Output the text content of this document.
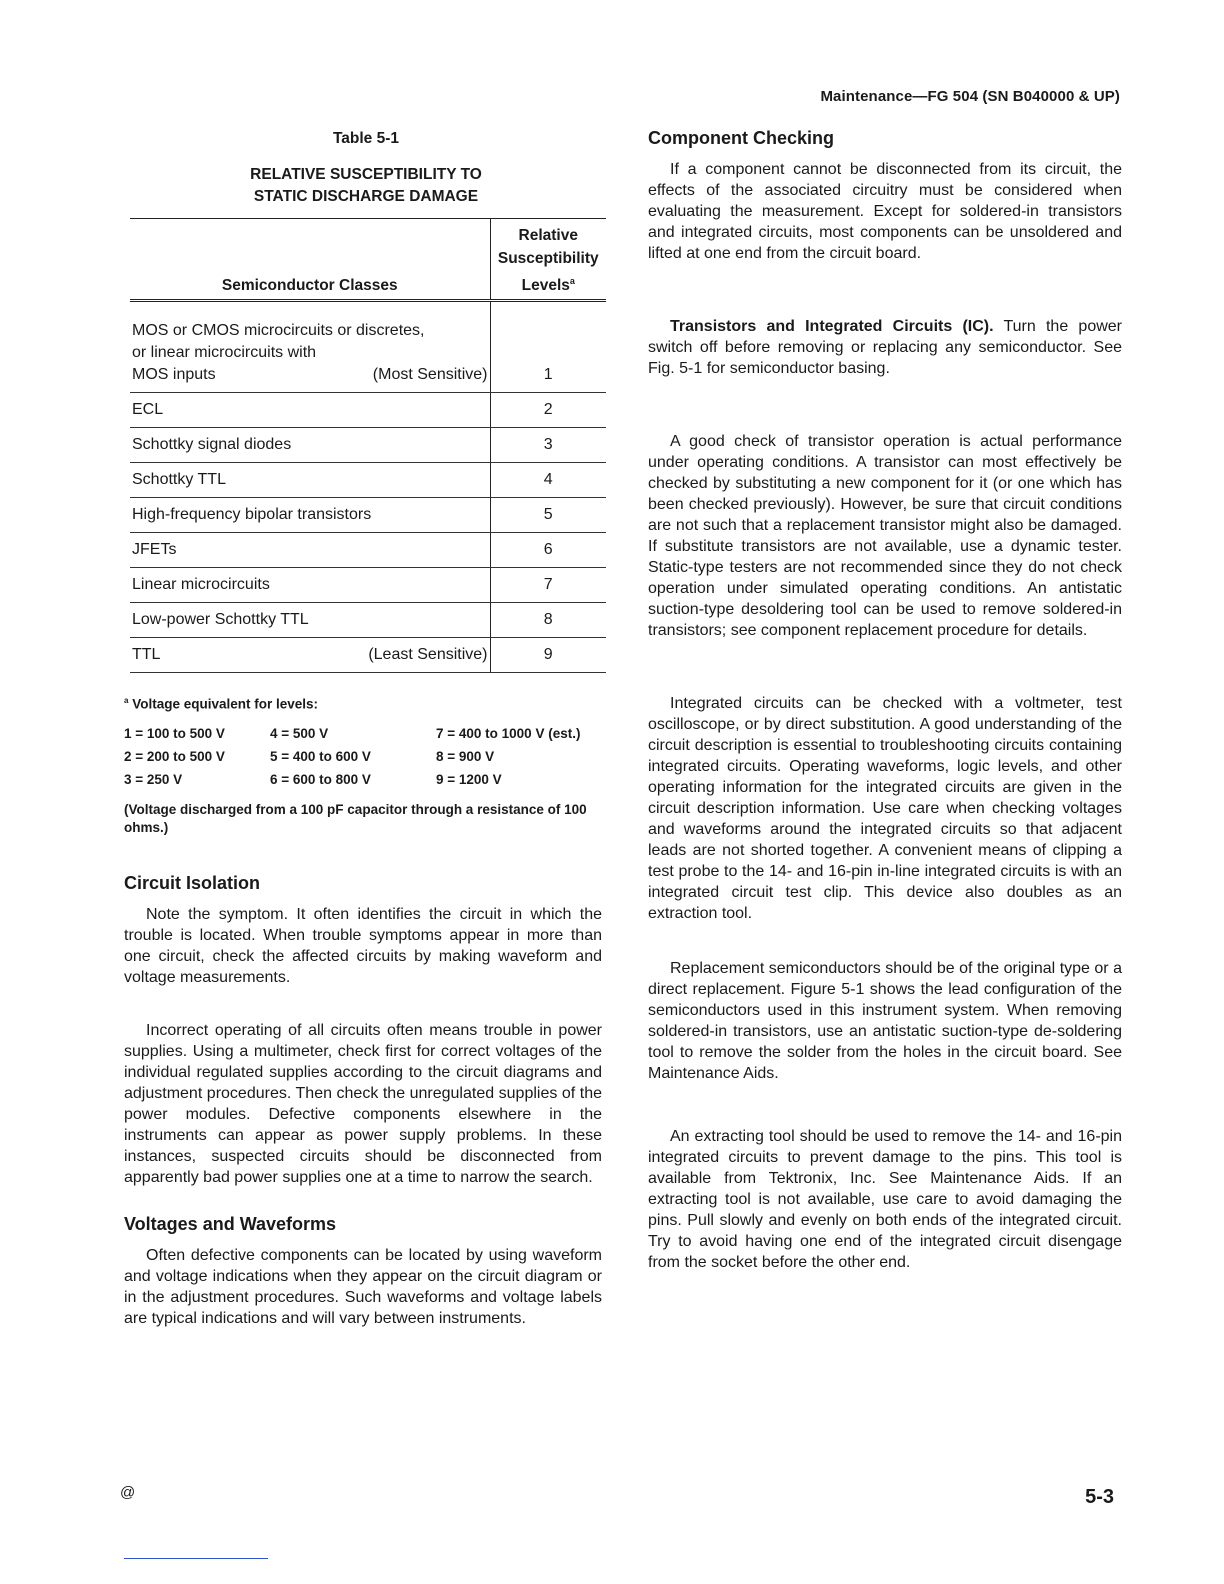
Maintenance—FG 504 (SN B040000 & UP)
Table 5-1
RELATIVE SUSCEPTIBILITY TO
STATIC DISCHARGE DAMAGE
Semiconductor Classes	Relative
Susceptibility
Levels$^a$

MOS or CMOS microcircuits or discretes,
or linear microcircuits with
MOS inputs (Most Sensitive)	1
ECL	2
Schottky signal diodes	3
Schottky TTL	4
High-frequency bipolar transistors	5
JFETs	6
Linear microcircuits	7
Low-power Schottky TTL	8

TTL (Least Sensitive)	9
$^a$ Voltage equivalent for levels:
1 = 100 to 500 V	4 = 500 V	7 = 400 to 1000 V (est.)
2 = 200 to 500 V	5 = 400 to 600 V	8 = 900 V
3 = 250 V	6 = 600 to 800 V	9 = 1200 V
(Voltage discharged from a 100 pF capacitor through a resistance of 100 ohms.)
Circuit Isolation

Note the symptom. It often identifies the circuit in which the trouble is located. When trouble symptoms appear in more than one circuit, check the affected circuits by making waveform and voltage measurements.

Incorrect operating of all circuits often means trouble in power supplies. Using a multimeter, check first for correct voltages of the individual regulated supplies according to the circuit diagrams and adjustment procedures. Then check the unregulated supplies of the power modules. Defective components elsewhere in the instruments can appear as power supply problems. In these instances, suspected circuits should be disconnected from apparently bad power supplies one at a time to narrow the search.

Voltages and Waveforms

Often defective components can be located by using waveform and voltage indications when they appear on the circuit diagram or in the adjustment procedures. Such waveforms and voltage labels are typical indications and will vary between instruments.

Component Checking

If a component cannot be disconnected from its circuit, the effects of the associated circuitry must be considered when evaluating the measurement. Except for soldered-in transistors and integrated circuits, most components can be unsoldered and lifted at one end from the circuit board.

Transistors and Integrated Circuits (IC). Turn the power switch off before removing or replacing any semiconductor. See Fig. 5-1 for semiconductor basing.

A good check of transistor operation is actual performance under operating conditions. A transistor can most effectively be checked by substituting a new component for it (or one which has been checked previously). However, be sure that circuit conditions are not such that a replacement transistor might also be damaged. If substitute transistors are not available, use a dynamic tester. Static-type testers are not recommended since they do not check operation under simulated operating conditions. An antistatic suction-type desoldering tool can be used to remove soldered-in transistors; see component replacement procedure for details.

Integrated circuits can be checked with a voltmeter, test oscilloscope, or by direct substitution. A good understanding of the circuit description is essential to troubleshooting circuits containing integrated circuits. Operating waveforms, logic levels, and other operating information for the integrated circuits are given in the circuit description information. Use care when checking voltages and waveforms around the integrated circuits so that adjacent leads are not shorted together. A convenient means of clipping a test probe to the 14- and 16-pin in-line integrated circuits is with an integrated circuit test clip. This device also doubles as an extraction tool.

Replacement semiconductors should be of the original type or a direct replacement. Figure 5-1 shows the lead configuration of the semiconductors used in this instrument system. When removing soldered-in transistors, use an antistatic suction-type de-soldering tool to remove the solder from the holes in the circuit board. See Maintenance Aids.

An extracting tool should be used to remove the 14- and 16-pin integrated circuits to prevent damage to the pins. This tool is available from Tektronix, Inc. See Maintenance Aids. If an extracting tool is not available, use care to avoid damaging the pins. Pull slowly and evenly on both ends of the integrated circuit. Try to avoid having one end of the integrated circuit disengage from the socket before the other end.

@	5-3
